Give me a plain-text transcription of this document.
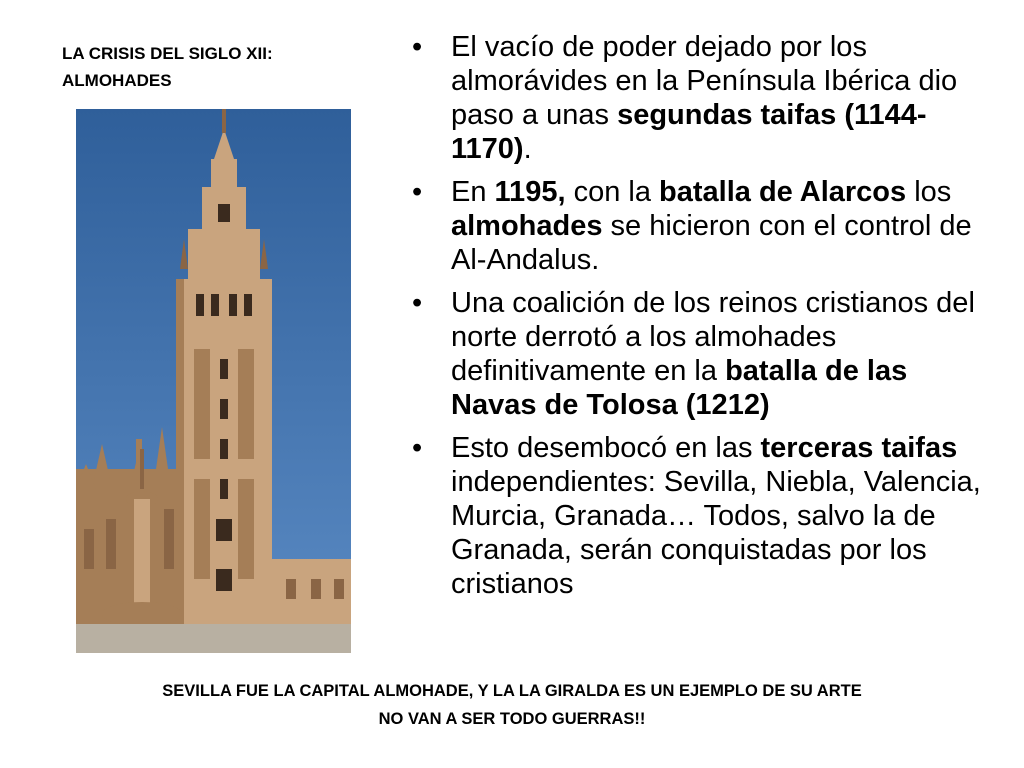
LA CRISIS DEL SIGLO XII:
ALMOHADES
• El vacío de poder dejado por los almorávides en la Península Ibérica dio paso a unas segundas taifas (1144-1170).
• En 1195, con la batalla de Alarcos los almohades se hicieron con el control de Al-Andalus.
• Una coalición de los reinos cristianos del norte derrotó a los almohades definitivamente en la batalla de las Navas de Tolosa (1212)
• Esto desembocó en las terceras taifas independientes: Sevilla, Niebla, Valencia, Murcia, Granada… Todos, salvo la de Granada, serán conquistadas por los cristianos
SEVILLA FUE LA CAPITAL ALMOHADE, Y LA LA GIRALDA ES UN EJEMPLO DE SU ARTE
NO VAN A SER TODO GUERRAS!!
